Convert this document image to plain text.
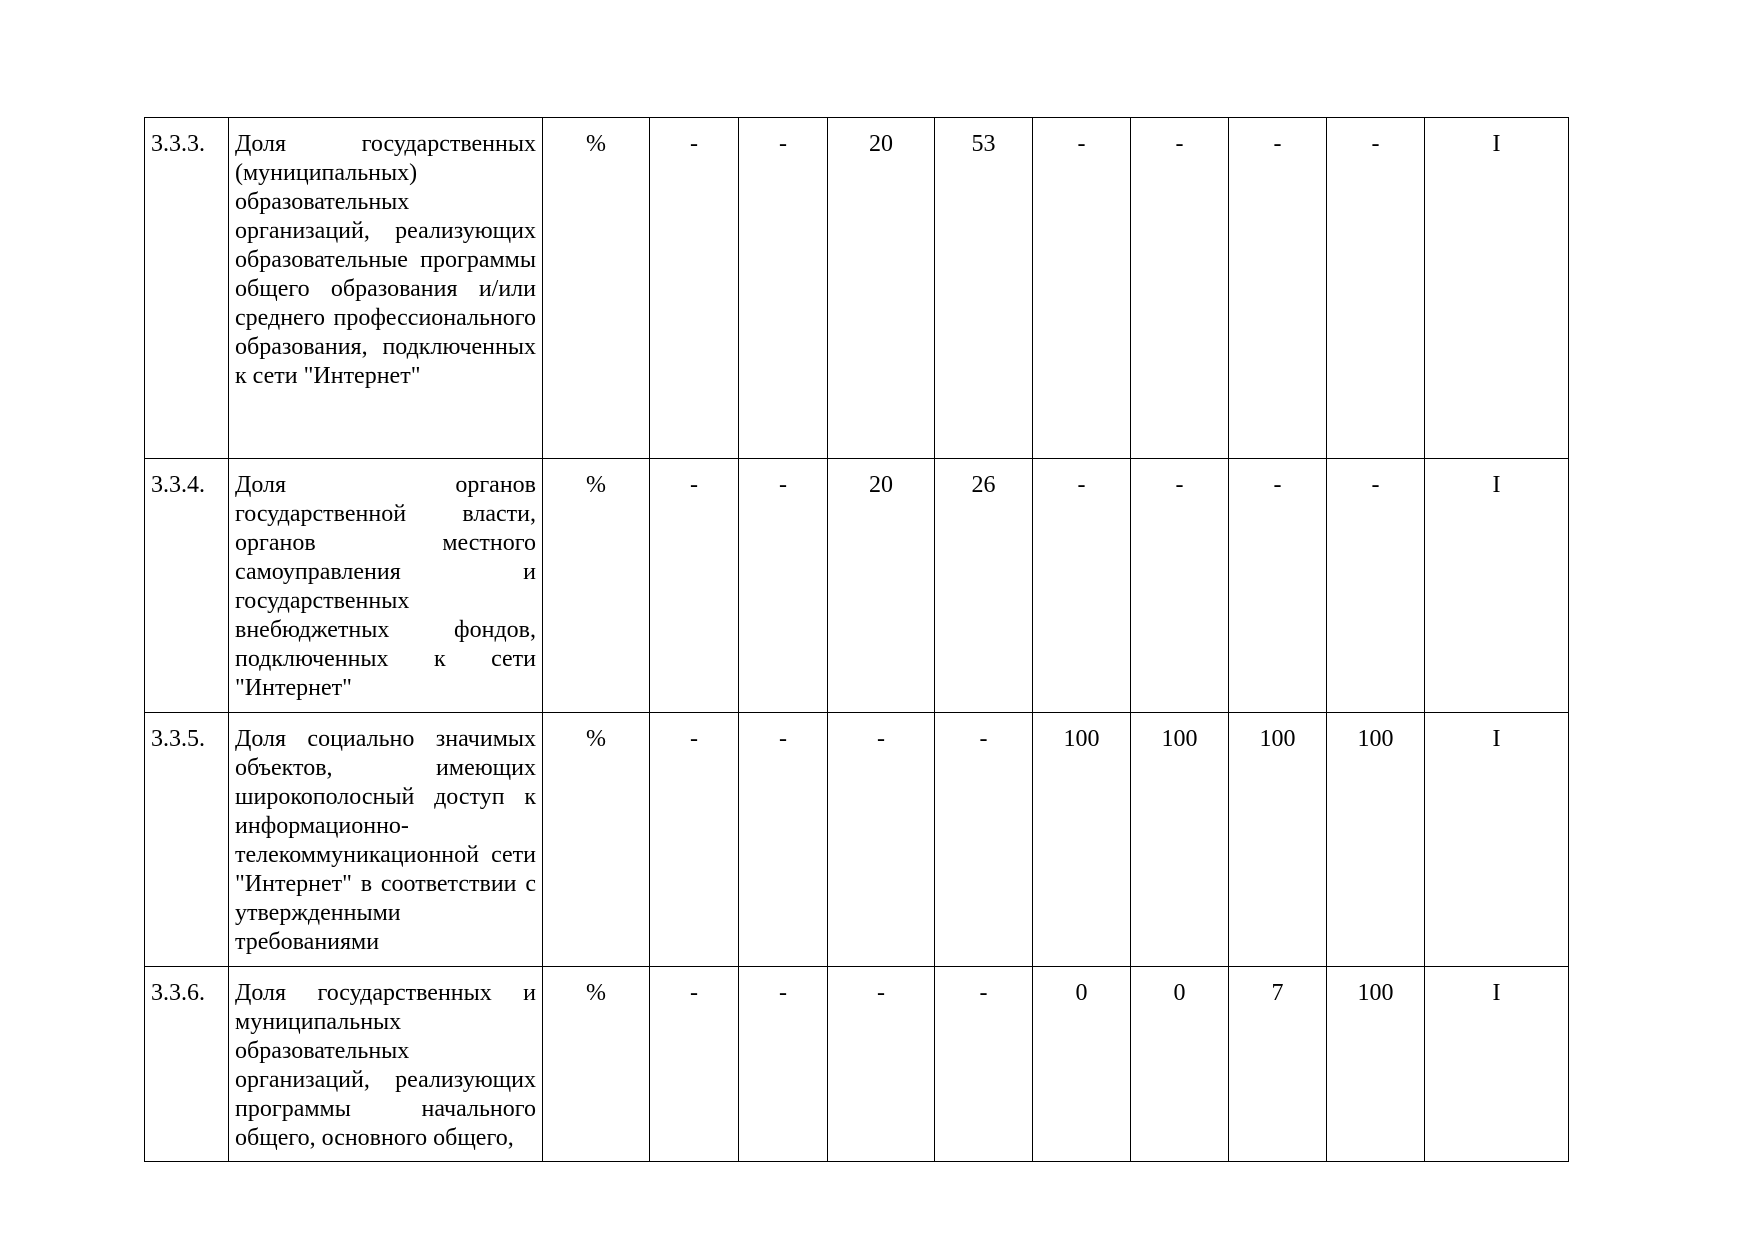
3.3.3.	Доля государственных (муниципальных) образовательных организаций, реализующих образовательные программы общего образования и/или среднего профессионального образования, подключенных к сети "Интернет"	%	-	-	20	53	-	-	-	-	I
3.3.4.	Доля органов государственной власти, органов местного самоуправления и государственных внебюджетных фондов, подключенных к сети "Интернет"	%	-	-	20	26	-	-	-	-	I
3.3.5.	Доля социально значимых объектов, имеющих широкополосный доступ к информационно-телекоммуникационной сети "Интернет" в соответствии с утвержденными требованиями	%	-	-	-	-	100	100	100	100	I
3.3.6.	Доля государственных и муниципальных образовательных организаций, реализующих программы начального общего, основного общего,	%	-	-	-	-	0	0	7	100	I
